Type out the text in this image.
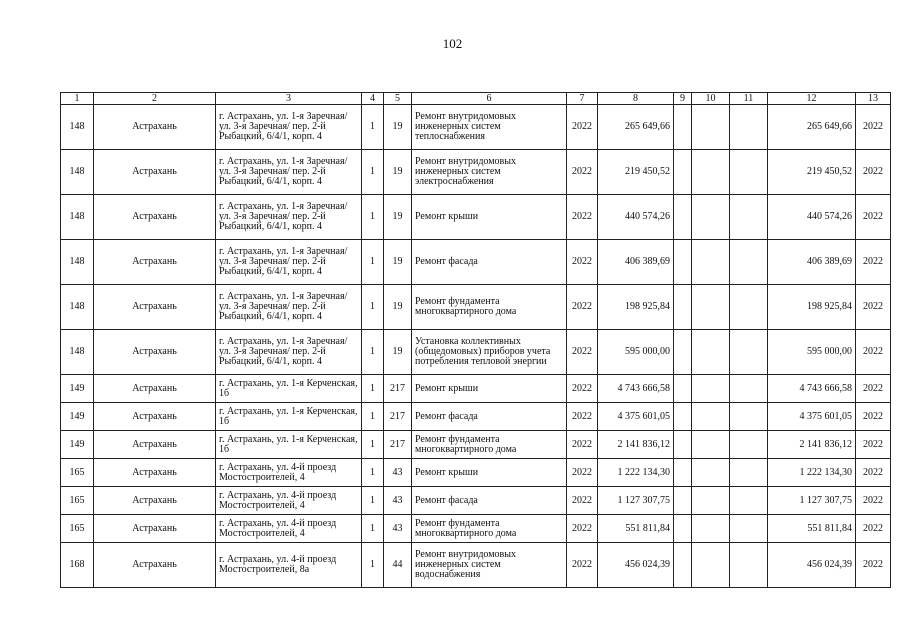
102
1	2	3	4	5	6	7	8	9	10	11	12	13
148	Астрахань	г. Астрахань, ул. 1-я Заречная/ ул. 3-я Заречная/ пер. 2-й Рыбацкий, 6/4/1, корп. 4	1	19	Ремонт внутридомовых инженерных систем теплоснабжения	2022	265 649,66				265 649,66	2022
148	Астрахань	г. Астрахань, ул. 1-я Заречная/ ул. 3-я Заречная/ пер. 2-й Рыбацкий, 6/4/1, корп. 4	1	19	Ремонт внутридомовых инженерных систем электроснабжения	2022	219 450,52				219 450,52	2022
148	Астрахань	г. Астрахань, ул. 1-я Заречная/ ул. 3-я Заречная/ пер. 2-й Рыбацкий, 6/4/1, корп. 4	1	19	Ремонт крыши	2022	440 574,26				440 574,26	2022
148	Астрахань	г. Астрахань, ул. 1-я Заречная/ ул. 3-я Заречная/ пер. 2-й Рыбацкий, 6/4/1, корп. 4	1	19	Ремонт фасада	2022	406 389,69				406 389,69	2022
148	Астрахань	г. Астрахань, ул. 1-я Заречная/ ул. 3-я Заречная/ пер. 2-й Рыбацкий, 6/4/1, корп. 4	1	19	Ремонт фундамента многоквартирного дома	2022	198 925,84				198 925,84	2022
148	Астрахань	г. Астрахань, ул. 1-я Заречная/ ул. 3-я Заречная/ пер. 2-й Рыбацкий, 6/4/1, корп. 4	1	19	Установка коллективных (общедомовых) приборов учета потребления тепловой энергии	2022	595 000,00				595 000,00	2022
149	Астрахань	г. Астрахань, ул. 1-я Керченская, 1б	1	217	Ремонт крыши	2022	4 743 666,58				4 743 666,58	2022
149	Астрахань	г. Астрахань, ул. 1-я Керченская, 1б	1	217	Ремонт фасада	2022	4 375 601,05				4 375 601,05	2022
149	Астрахань	г. Астрахань, ул. 1-я Керченская, 1б	1	217	Ремонт фундамента многоквартирного дома	2022	2 141 836,12				2 141 836,12	2022
165	Астрахань	г. Астрахань, ул. 4-й проезд Мостостроителей, 4	1	43	Ремонт крыши	2022	1 222 134,30				1 222 134,30	2022
165	Астрахань	г. Астрахань, ул. 4-й проезд Мостостроителей, 4	1	43	Ремонт фасада	2022	1 127 307,75				1 127 307,75	2022
165	Астрахань	г. Астрахань, ул. 4-й проезд Мостостроителей, 4	1	43	Ремонт фундамента многоквартирного дома	2022	551 811,84				551 811,84	2022
168	Астрахань	г. Астрахань, ул. 4-й проезд Мостостроителей, 8а	1	44	Ремонт внутридомовых инженерных систем водоснабжения	2022	456 024,39				456 024,39	2022
